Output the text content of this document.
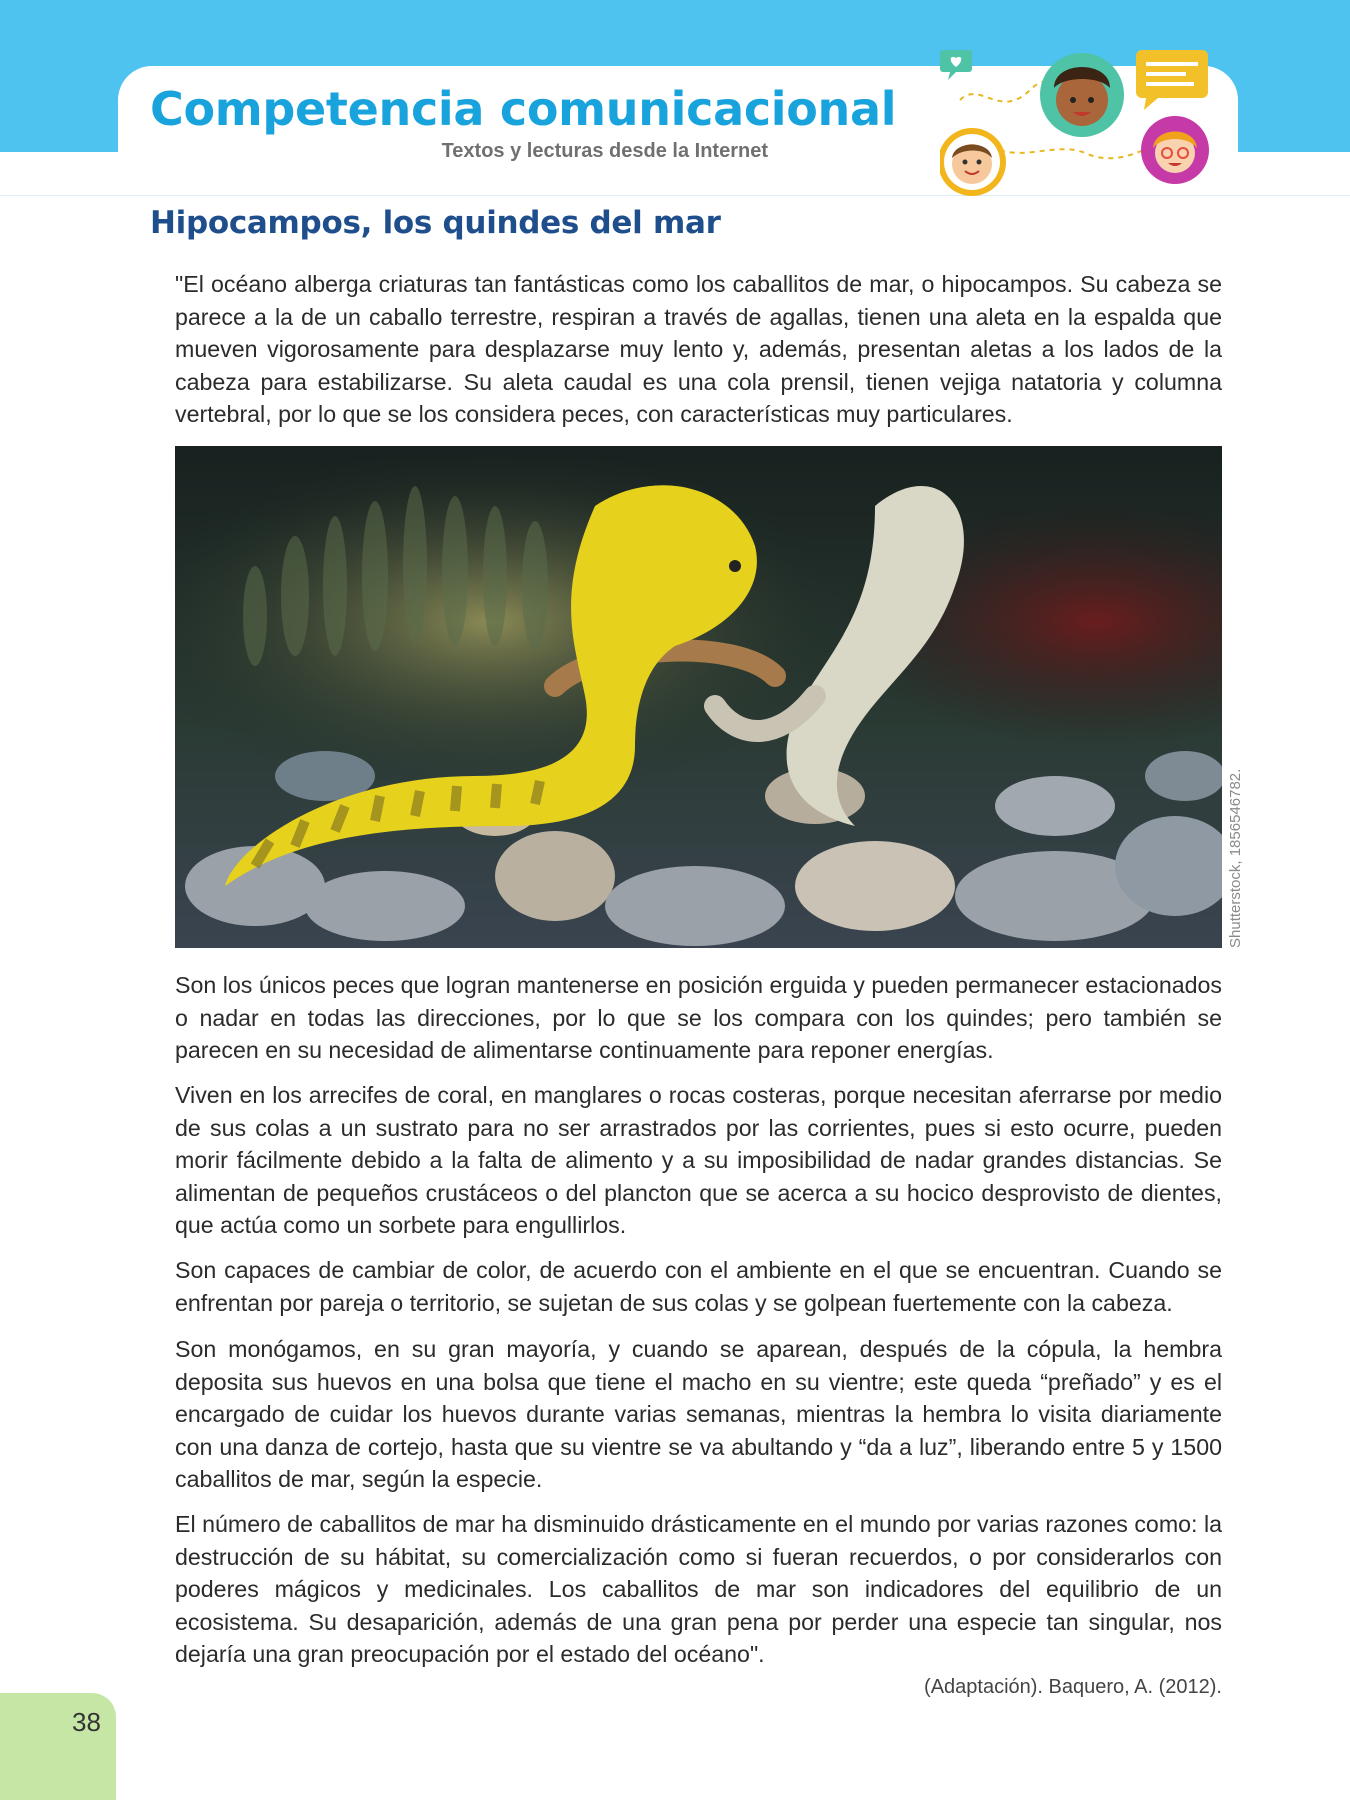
Competencia comunicacional
Textos y lecturas desde la Internet
Hipocampos, los quindes del mar

"El océano alberga criaturas tan fantásticas como los caballitos de mar, o hipocampos. Su cabeza se parece a la de un caballo terrestre, respiran a través de agallas, tienen una aleta en la espalda que mueven vigorosamente para desplazarse muy lento y, además, presentan aletas a los lados de la cabeza para estabilizarse. Su aleta caudal es una cola prensil, tienen vejiga natatoria y columna vertebral, por lo que se los considera peces, con características muy particulares.

Shutterstock, 1856546782.

Son los únicos peces que logran mantenerse en posición erguida y pueden permanecer estacionados o nadar en todas las direcciones, por lo que se los compara con los quindes; pero también se parecen en su necesidad de alimentarse continuamente para reponer energías.

Viven en los arrecifes de coral, en manglares o rocas costeras, porque necesitan aferrarse por medio de sus colas a un sustrato para no ser arrastrados por las corrientes, pues si esto ocurre, pueden morir fácilmente debido a la falta de alimento y a su imposibilidad de nadar grandes distancias. Se alimentan de pequeños crustáceos o del plancton que se acerca a su hocico desprovisto de dientes, que actúa como un sorbete para engullirlos.

Son capaces de cambiar de color, de acuerdo con el ambiente en el que se encuentran. Cuando se enfrentan por pareja o territorio, se sujetan de sus colas y se golpean fuertemente con la cabeza.

Son monógamos, en su gran mayoría, y cuando se aparean, después de la cópula, la hembra deposita sus huevos en una bolsa que tiene el macho en su vientre; este queda “preñado” y es el encargado de cuidar los huevos durante varias semanas, mientras la hembra lo visita diariamente con una danza de cortejo, hasta que su vientre se va abultando y “da a luz”, liberando entre 5 y 1500 caballitos de mar, según la especie.

El número de caballitos de mar ha disminuido drásticamente en el mundo por varias razones como: la destrucción de su hábitat, su comercialización como si fueran recuerdos, o por considerarlos con poderes mágicos y medicinales. Los caballitos de mar son indicadores del equilibrio de un ecosistema. Su desaparición, además de una gran pena por perder una especie tan singular, nos dejaría una gran preocupación por el estado del océano".

(Adaptación). Baquero, A. (2012).
38
